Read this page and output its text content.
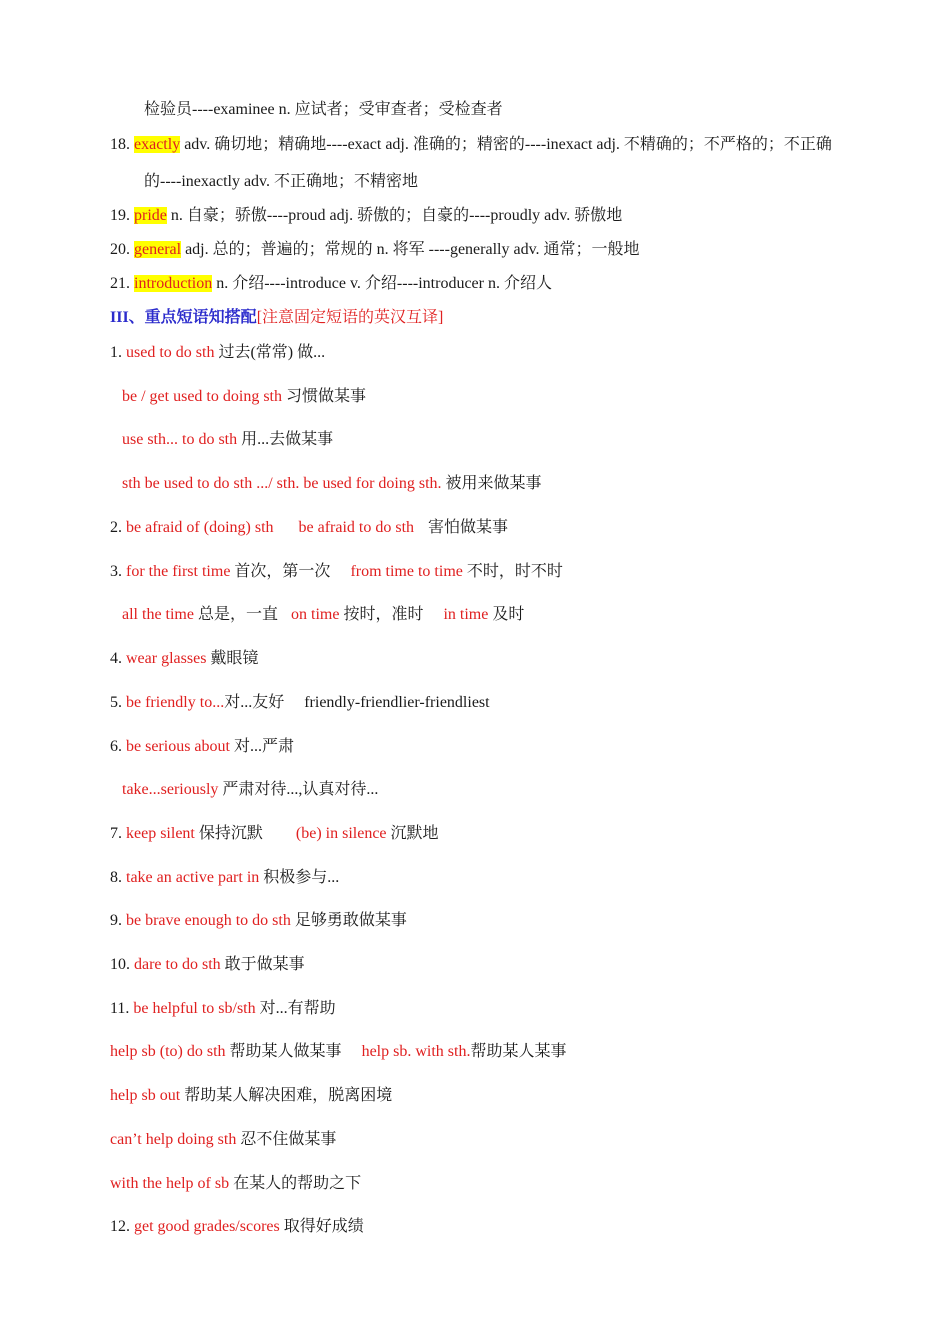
检验员----examinee n. 应试者；受审查者；受检查者
18. exactly adv. 确切地；精确地----exact adj. 准确的；精密的----inexact adj. 不精确的；不严格的；不正确
的----inexactly adv. 不正确地；不精密地
19. pride n. 自豪；骄傲----proud adj. 骄傲的；自豪的----proudly adv. 骄傲地
20. general adj. 总的；普遍的；常规的 n. 将军 ----generally adv. 通常；一般地
21. introduction n. 介绍----introduce v. 介绍----introducer n. 介绍人
III、重点短语知搭配[注意固定短语的英汉互译]
1. used to do sth 过去(常常) 做...
be / get used to doing sth 习惯做某事
use sth... to do sth 用...去做某事
sth be used to do sth .../ sth. be used for doing sth. 被用来做某事
2. be afraid of (doing) sth be afraid to do sth 害怕做某事
3. for the first time 首次，第一次 from time to time 不时，时不时
all the time 总是，一直 on time 按时，准时 in time 及时
4. wear glasses 戴眼镜
5. be friendly to...对...友好 friendly-friendlier-friendliest
6. be serious about 对...严肃
take...seriously 严肃对待...,认真对待...
7. keep silent 保持沉默 (be) in silence 沉默地
8. take an active part in 积极参与...
9. be brave enough to do sth 足够勇敢做某事
10. dare to do sth 敢于做某事
11. be helpful to sb/sth 对...有帮助
help sb (to) do sth 帮助某人做某事 help sb. with sth.帮助某人某事
help sb out 帮助某人解决困难，脱离困境
can’t help doing sth 忍不住做某事
with the help of sb 在某人的帮助之下
12. get good grades/scores 取得好成绩
